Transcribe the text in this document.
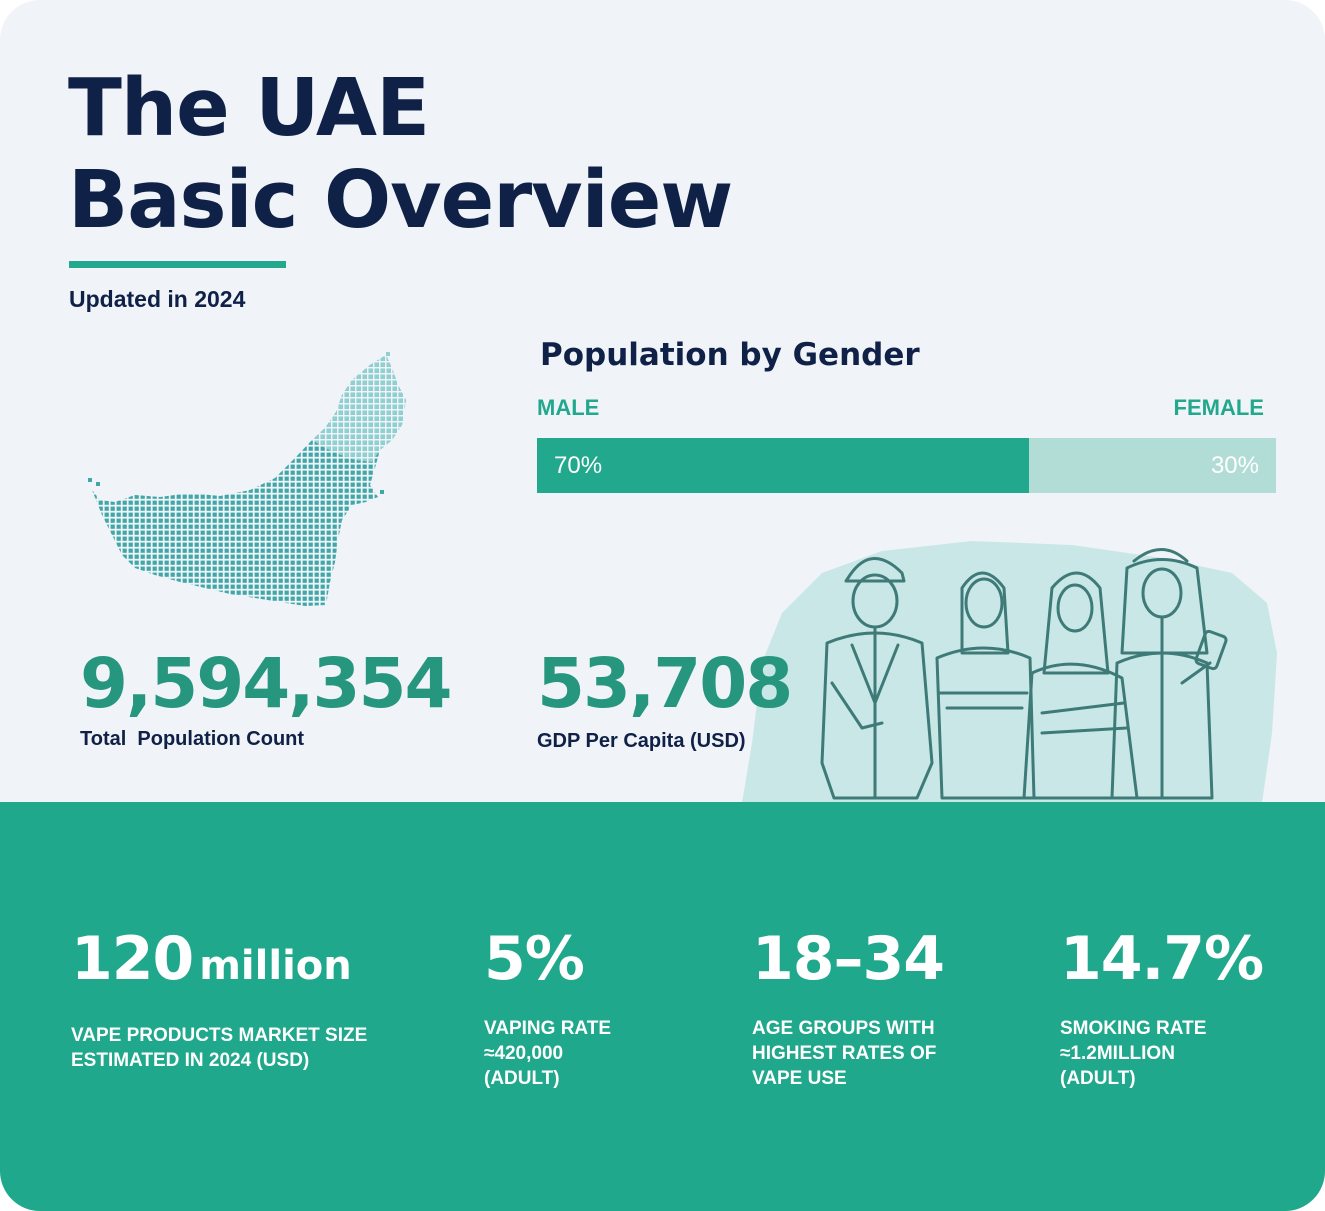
The UAE
Basic Overview
Updated in 2024
9,594,354
Total  Population Count
Population by Gender
MALE	FEMALE
70%	30%
53,708
GDP Per Capita (USD)
120 million
VAPE PRODUCTS MARKET SIZE
ESTIMATED IN 2024 (USD)
5%
VAPING RATE
≈420,000
(ADULT)
18–34
AGE GROUPS WITH
HIGHEST RATES OF
VAPE USE
14.7%
SMOKING RATE
≈1.2MILLION
(ADULT)
